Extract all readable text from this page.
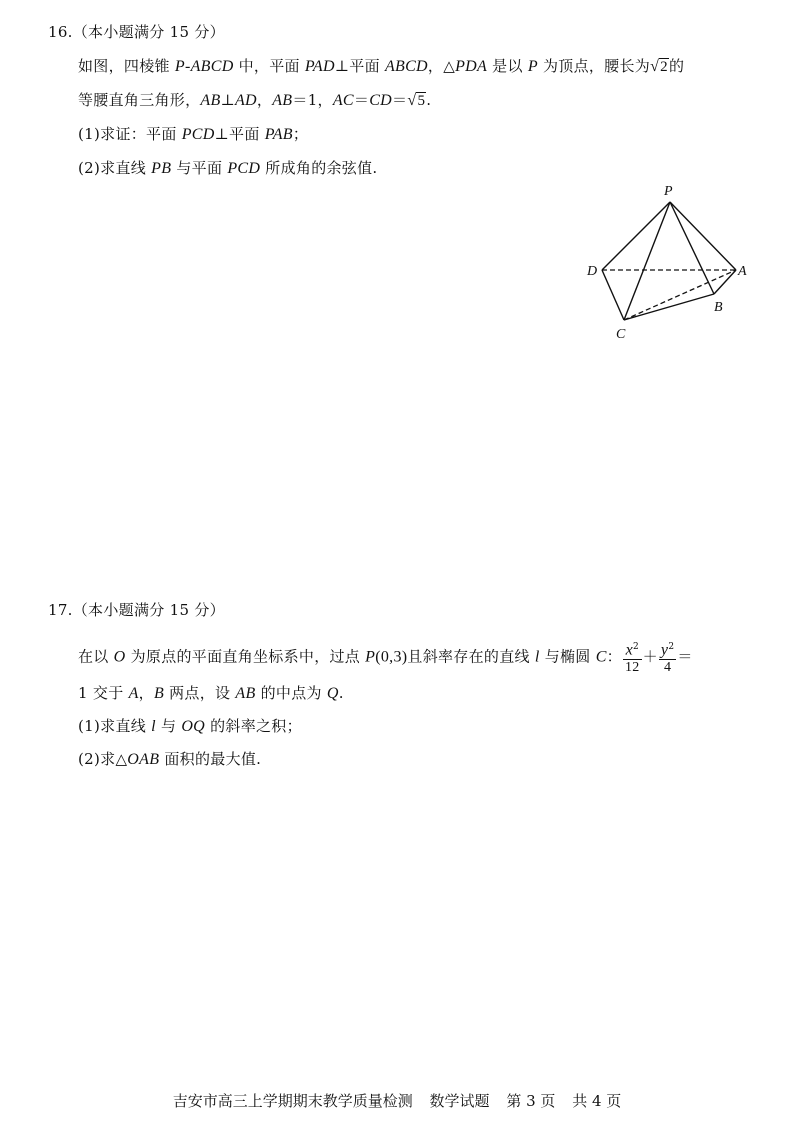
16.（本小题满分 15 分）
如图，四棱锥 P-ABCD 中，平面 PAD⊥平面 ABCD，△PDA 是以 P 为顶点，腰长为√2的
等腰直角三角形，AB⊥AD，AB＝1，AC＝CD＝√5.
(1)求证：平面 PCD⊥平面 PAB；
(2)求直线 PB 与平面 PCD 所成角的余弦值.
P
D	A
B
C
17.（本小题满分 15 分）
在以 O 为原点的平面直角坐标系中，过点 P(0,3)且斜率存在的直线 l 与椭圆 C： $\frac{x^2}{12} + \frac{y^2}{4}$ ＝
1 交于 A，B 两点，设 AB 的中点为 Q.
(1)求直线 l 与 OQ 的斜率之积；
(2)求△OAB 面积的最大值.
吉安市高三上学期期末教学质量检测 数学试题 第 3 页 共 4 页
